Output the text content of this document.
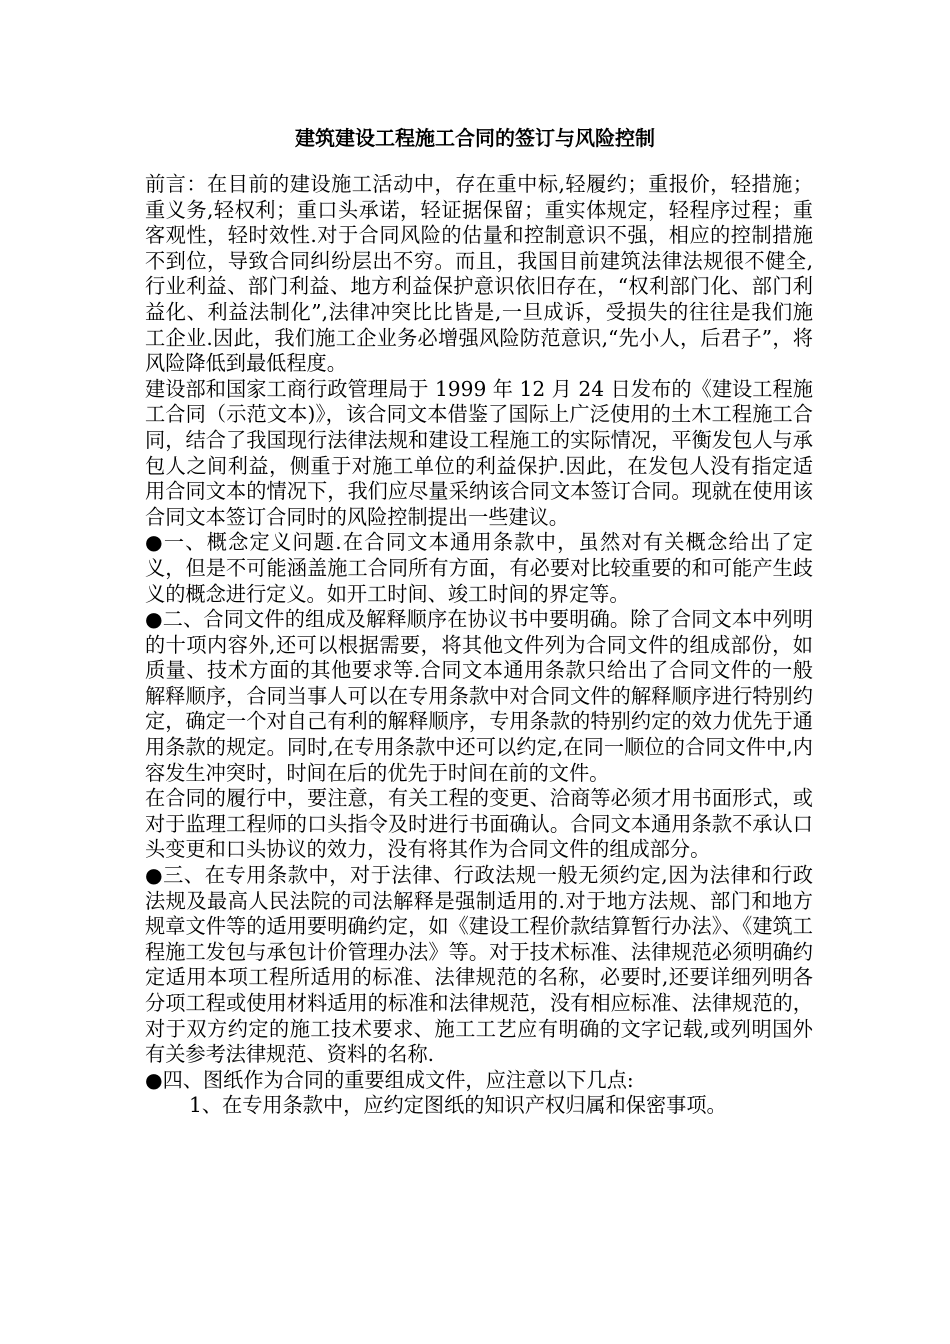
建筑建设工程施工合同的签订与风险控制

前言：在目前的建设施工活动中，存在重中标,轻履约；重报价，轻措施；重义务,轻权利；重口头承诺，轻证据保留；重实体规定，轻程序过程；重客观性，轻时效性.对于合同风险的估量和控制意识不强，相应的控制措施不到位，导致合同纠纷层出不穷。而且，我国目前建筑法律法规很不健全,行业利益、部门利益、地方利益保护意识依旧存在，“权利部门化、部门利益化、利益法制化”,法律冲突比比皆是,一旦成诉，受损失的往往是我们施工企业.因此，我们施工企业务必增强风险防范意识,“先小人，后君子”，将风险降低到最低程度。

建设部和国家工商行政管理局于 1999 年 12 月 24 日发布的《建设工程施工合同（示范文本)》，该合同文本借鉴了国际上广泛使用的土木工程施工合同，结合了我国现行法律法规和建设工程施工的实际情况，平衡发包人与承包人之间利益，侧重于对施工单位的利益保护.因此，在发包人没有指定适用合同文本的情况下，我们应尽量采纳该合同文本签订合同。现就在使用该合同文本签订合同时的风险控制提出一些建议。

●一、概念定义问题.在合同文本通用条款中，虽然对有关概念给出了定义，但是不可能涵盖施工合同所有方面，有必要对比较重要的和可能产生歧义的概念进行定义。如开工时间、竣工时间的界定等。

●二、合同文件的组成及解释顺序在协议书中要明确。除了合同文本中列明的十项内容外,还可以根据需要，将其他文件列为合同文件的组成部份，如质量、技术方面的其他要求等.合同文本通用条款只给出了合同文件的一般解释顺序，合同当事人可以在专用条款中对合同文件的解释顺序进行特别约定，确定一个对自己有利的解释顺序，专用条款的特别约定的效力优先于通用条款的规定。同时,在专用条款中还可以约定,在同一顺位的合同文件中,内容发生冲突时，时间在后的优先于时间在前的文件。

在合同的履行中，要注意，有关工程的变更、洽商等必须才用书面形式，或对于监理工程师的口头指令及时进行书面确认。合同文本通用条款不承认口头变更和口头协议的效力，没有将其作为合同文件的组成部分。

●三、在专用条款中，对于法律、行政法规一般无须约定,因为法律和行政法规及最高人民法院的司法解释是强制适用的.对于地方法规、部门和地方规章文件等的适用要明确约定，如《建设工程价款结算暂行办法》、《建筑工程施工发包与承包计价管理办法》等。对于技术标准、法律规范必须明确约定适用本项工程所适用的标准、法律规范的名称，必要时,还要详细列明各分项工程或使用材料适用的标准和法律规范，没有相应标准、法律规范的，对于双方约定的施工技术要求、施工工艺应有明确的文字记载,或列明国外有关参考法律规范、资料的名称.

●四、图纸作为合同的重要组成文件，应注意以下几点:

1、在专用条款中，应约定图纸的知识产权归属和保密事项。
